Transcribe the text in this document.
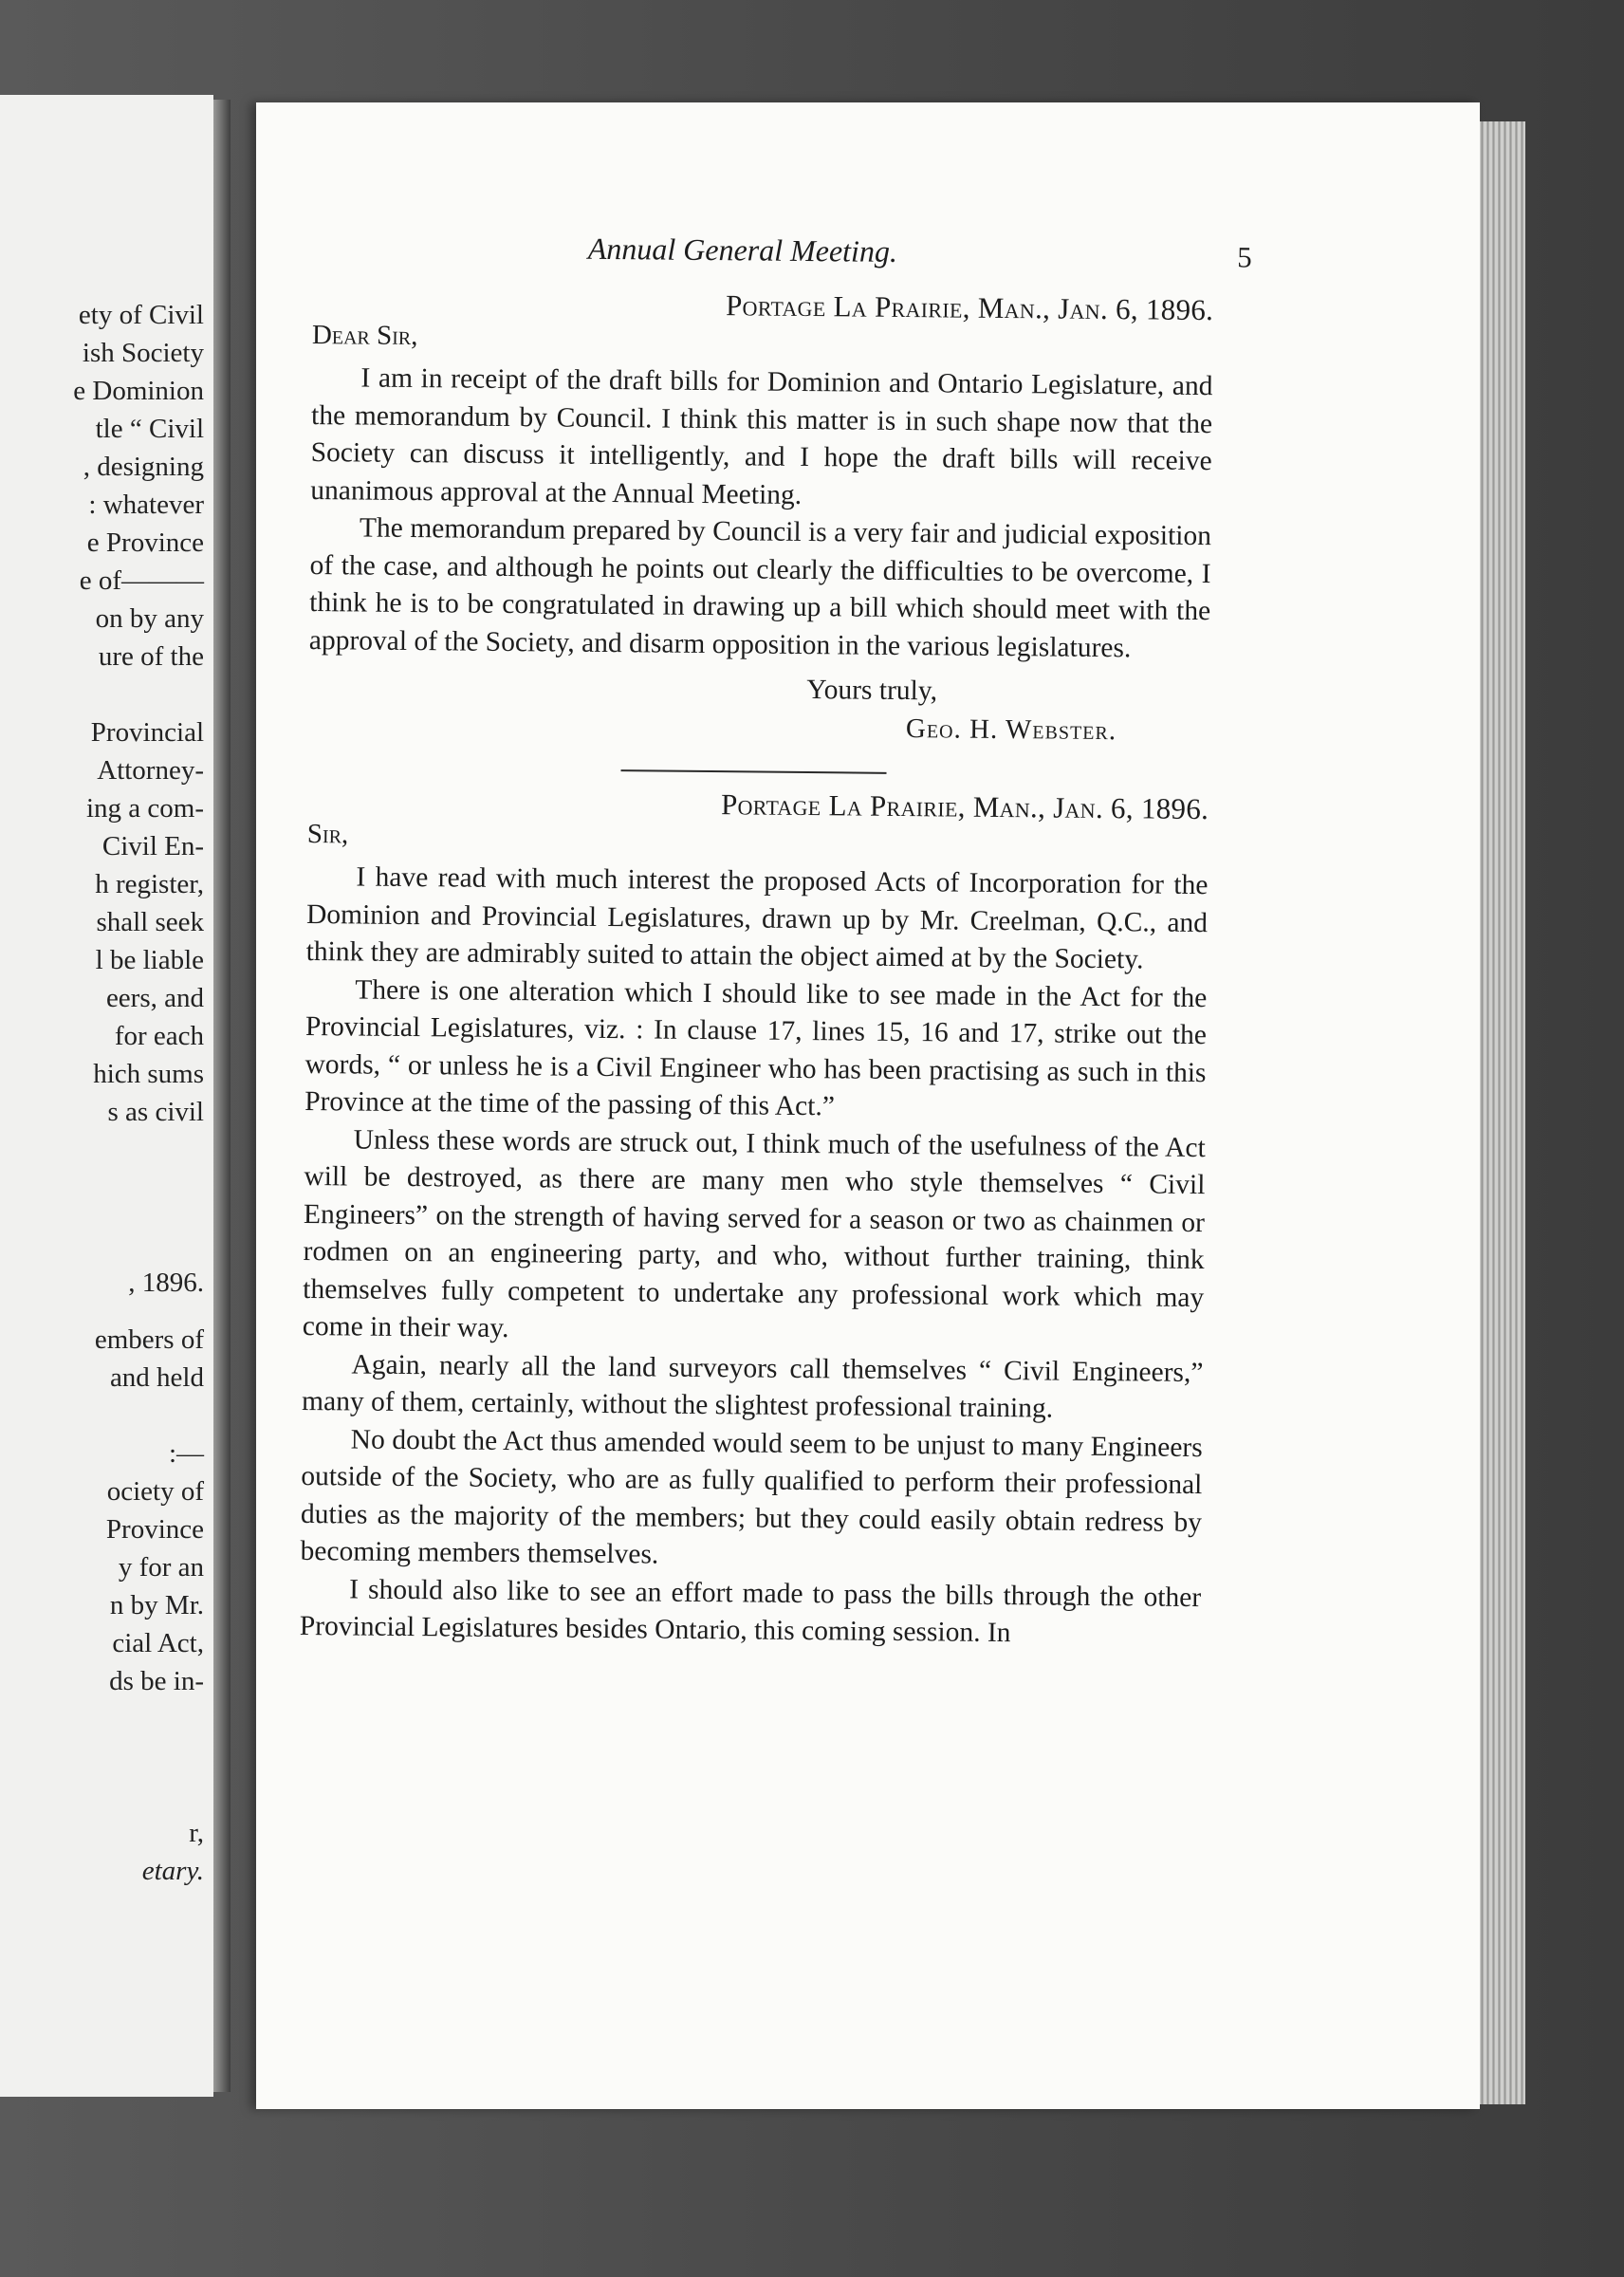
ety of Civil
ish Society
e Dominion
tle “ Civil
, designing
: whatever
e Province
e of———
on by any
ure of the
Provincial
Attorney-
ing a com-
Civil En-
h register,
shall seek
l be liable
eers, and
for each
hich sums
s as civil
, 1896.
embers of
and held
:—
ociety of
Province
y for an
n by Mr.
cial Act,
ds be in-
r,
etary.
Annual General Meeting.	5
Portage La Prairie, Man., Jan. 6, 1896.
Dear Sir,

I am in receipt of the draft bills for Dominion and Ontario Legislature, and the memorandum by Council. I think this matter is in such shape now that the Society can discuss it intelligently, and I hope the draft bills will receive unanimous approval at the Annual Meeting.

The memorandum prepared by Council is a very fair and judicial exposition of the case, and although he points out clearly the difficulties to be overcome, I think he is to be congratulated in drawing up a bill which should meet with the approval of the Society, and disarm opposition in the various legislatures.

Yours truly,
Geo. H. Webster.
Portage La Prairie, Man., Jan. 6, 1896.
Sir,

I have read with much interest the proposed Acts of Incorporation for the Dominion and Provincial Legislatures, drawn up by Mr. Creelman, Q.C., and think they are admirably suited to attain the object aimed at by the Society.

There is one alteration which I should like to see made in the Act for the Provincial Legislatures, viz. : In clause 17, lines 15, 16 and 17, strike out the words, “ or unless he is a Civil Engineer who has been practising as such in this Province at the time of the passing of this Act.”

Unless these words are struck out, I think much of the usefulness of the Act will be destroyed, as there are many men who style themselves “ Civil Engineers” on the strength of having served for a season or two as chainmen or rodmen on an engineering party, and who, without further training, think themselves fully competent to undertake any professional work which may come in their way.

Again, nearly all the land surveyors call themselves “ Civil Engineers,” many of them, certainly, without the slightest professional training.

No doubt the Act thus amended would seem to be unjust to many Engineers outside of the Society, who are as fully qualified to perform their professional duties as the majority of the members; but they could easily obtain redress by becoming members themselves.

I should also like to see an effort made to pass the bills through the other Provincial Legislatures besides Ontario, this coming session. In
